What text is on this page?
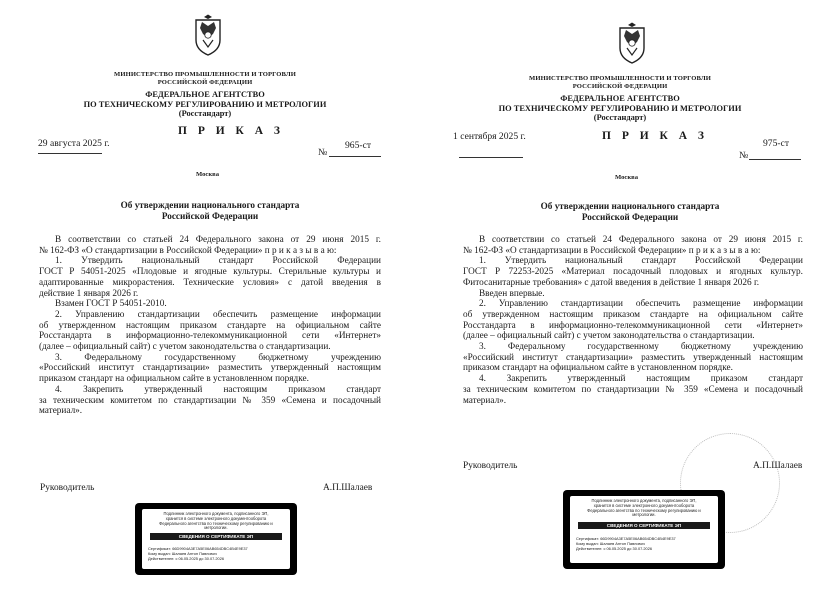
МИНИСТЕРСТВО ПРОМЫШЛЕННОСТИ И ТОРГОВЛИ
РОССИЙСКОЙ ФЕДЕРАЦИИ
ФЕДЕРАЛЬНОЕ АГЕНТСТВО
ПО ТЕХНИЧЕСКОМУ РЕГУЛИРОВАНИЮ И МЕТРОЛОГИИ
(Росстандарт)
П Р И К А З
29 августа 2025 г.
№
965-ст
Москва
Об утверждении национального стандарта
Российской Федерации

В соответствии со статьей 24 Федерального закона от 29 июня 2015 г.

№ 162-ФЗ «О стандартизации в Российской Федерации» п р и к а з ы в а ю:

1. Утвердить национальный стандарт Российской Федерации

ГОСТ Р 54051-2025 «Плодовые и ягодные культуры. Стерильные культуры и

адаптированные микрорастения. Технические условия» с датой введения в

действие 1 января 2026 г.

Взамен ГОСТ Р 54051-2010.

2. Управлению стандартизации обеспечить размещение информации

об утвержденном настоящим приказом стандарте на официальном сайте

Росстандарта в информационно-телекоммуникационной сети «Интернет»

(далее – официальный сайт) с учетом законодательства о стандартизации.

3. Федеральному государственному бюджетному учреждению

«Российский институт стандартизации» разместить утвержденный настоящим

приказом стандарт на официальном сайте в установленном порядке.

4. Закрепить утвержденный настоящим приказом стандарт

за техническим комитетом по стандартизации № 359 «Семена и посадочный

материал».

Руководитель	А.П.Шалаев
Подлинник электронного документа, подписанного ЭП,
хранится в системе электронного документооборота
Федерального агентства по техническому регулированию и
метрологии.
СВЕДЕНИЯ О СЕРТИФИКАТЕ ЭП
Сертификат: 66D9904A3E7A5E06AB654DBC4B4E9E37
Кому выдан: Шалаев Антон Павлович
Действителен: с 06.05.2025 до 30.07.2026
МИНИСТЕРСТВО ПРОМЫШЛЕННОСТИ И ТОРГОВЛИ
РОССИЙСКОЙ ФЕДЕРАЦИИ
ФЕДЕРАЛЬНОЕ АГЕНТСТВО
ПО ТЕХНИЧЕСКОМУ РЕГУЛИРОВАНИЮ И МЕТРОЛОГИИ
(Росстандарт)
П Р И К А З
1 сентября 2025 г.
№
975-ст
Москва
Об утверждении национального стандарта
Российской Федерации

В соответствии со статьей 24 Федерального закона от 29 июня 2015 г.

№ 162-ФЗ «О стандартизации в Российской Федерации» п р и к а з ы в а ю:

1. Утвердить национальный стандарт Российской Федерации

ГОСТ Р 72253-2025 «Материал посадочный плодовых и ягодных культур.

Фитосанитарные требования» с датой введения в действие 1 января 2026 г.

Введен впервые.

2. Управлению стандартизации обеспечить размещение информации

об утвержденном настоящим приказом стандарте на официальном сайте

Росстандарта в информационно-телекоммуникационной сети «Интернет»

(далее – официальный сайт) с учетом законодательства о стандартизации.

3. Федеральному государственному бюджетному учреждению

«Российский институт стандартизации» разместить утвержденный настоящим

приказом стандарт на официальном сайте в установленном порядке.

4. Закрепить утвержденный настоящим приказом стандарт

за техническим комитетом по стандартизации № 359 «Семена и посадочный

материал».

Руководитель	А.П.Шалаев
Подлинник электронного документа, подписанного ЭП,
хранится в системе электронного документооборота
Федерального агентства по техническому регулированию и
метрологии.
СВЕДЕНИЯ О СЕРТИФИКАТЕ ЭП
Сертификат: 66D9904A3E7A5E06AB654DBC4B4E9E37
Кому выдан: Шалаев Антон Павлович
Действителен: с 06.05.2025 до 30.07.2026
